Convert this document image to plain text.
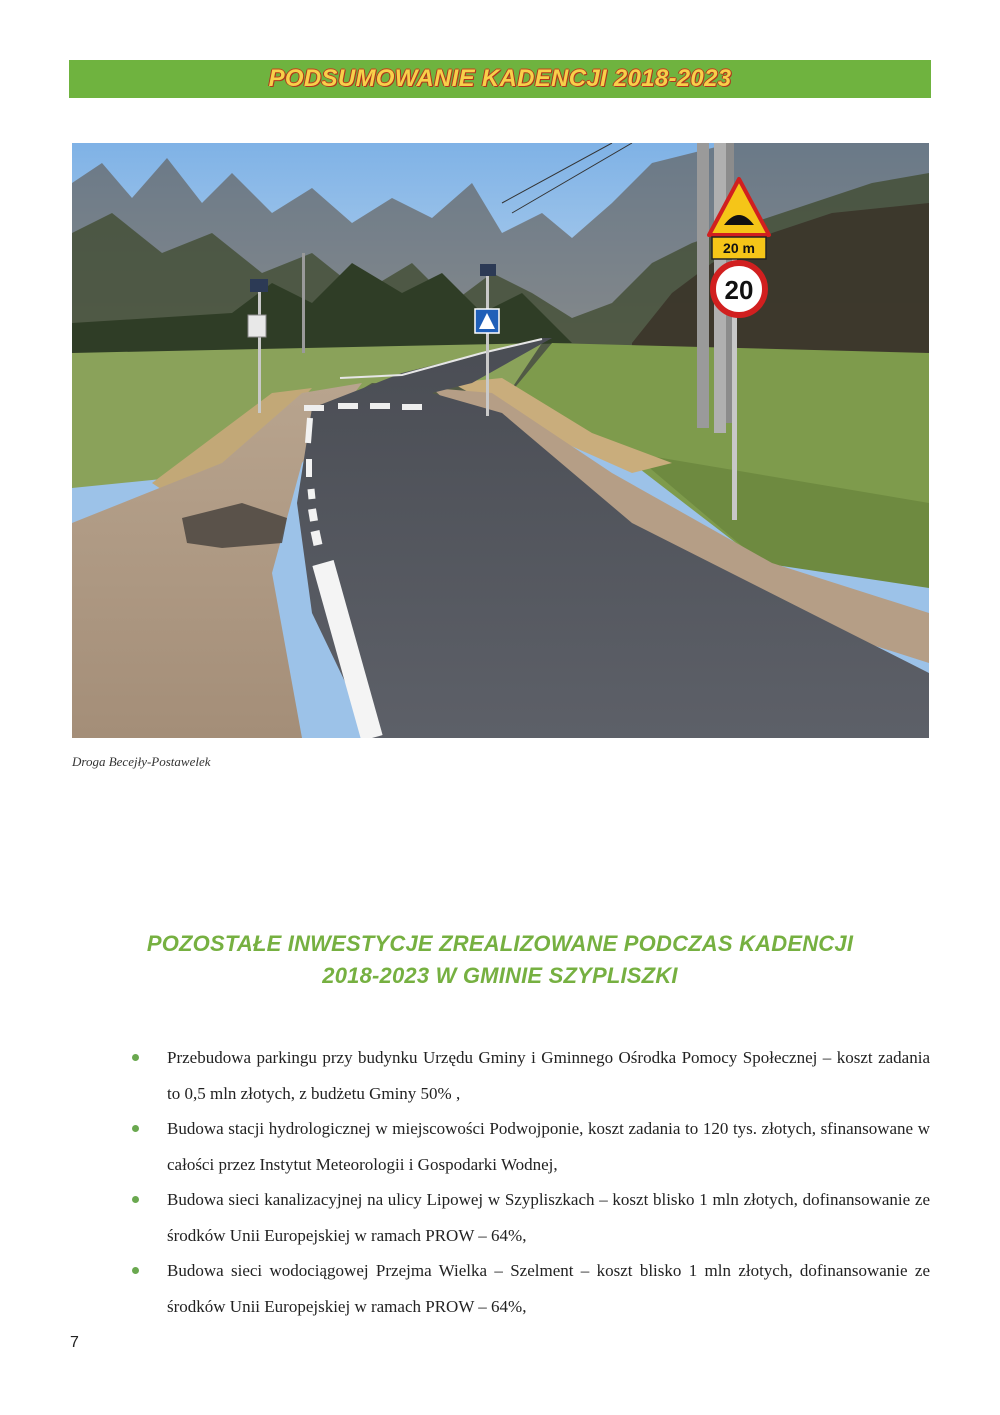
PODSUMOWANIE KADENCJI 2018-2023
20 m
20
Droga Becejły-Postawelek
POZOSTAŁE INWESTYCJE ZREALIZOWANE PODCZAS KADENCJI
2018-2023 W GMINIE SZYPLISZKI
Przebudowa parkingu przy budynku Urzędu Gminy i Gminnego Ośrodka Pomocy Społecznej – koszt zadania to 0,5 mln złotych, z budżetu Gminy 50% ,
Budowa stacji hydrologicznej w miejscowości Podwojponie, koszt zadania to 120 tys. złotych, sfinansowane w całości przez Instytut Meteorologii i Gospodarki Wodnej,
Budowa sieci kanalizacyjnej na ulicy Lipowej w Szypliszkach – koszt blisko 1 mln złotych, dofinansowanie ze środków Unii Europejskiej w ramach PROW – 64%,
Budowa sieci wodociągowej Przejma Wielka – Szelment – koszt blisko 1 mln złotych, dofinansowanie ze środków Unii Europejskiej w ramach PROW – 64%,
7
